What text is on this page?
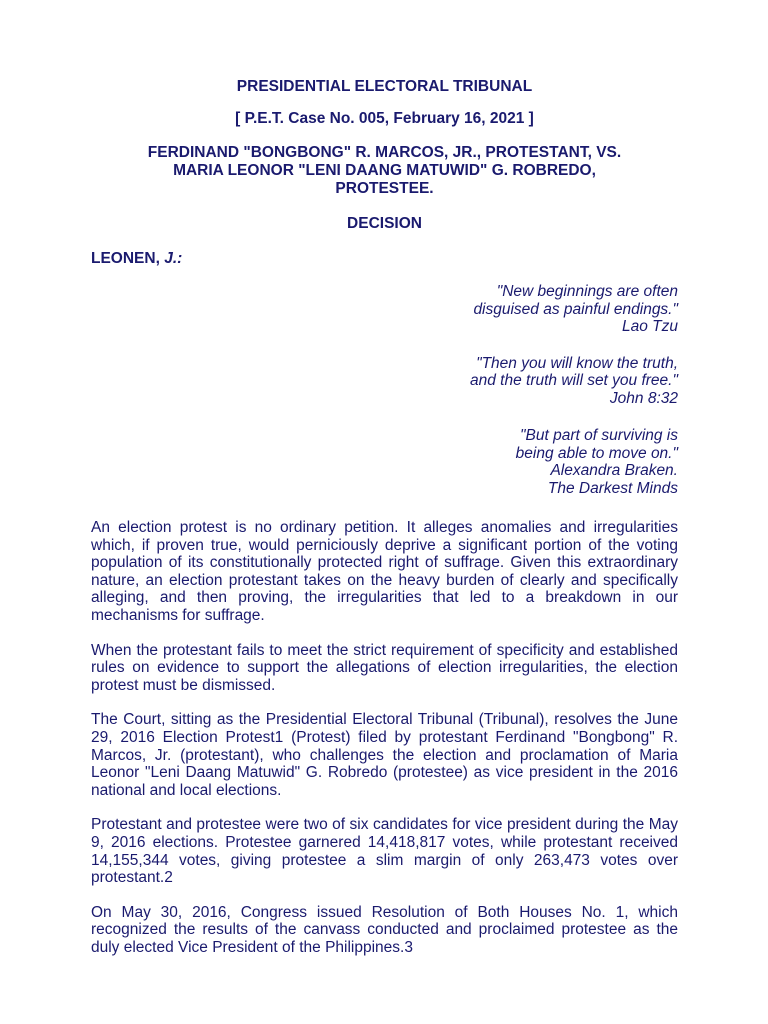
PRESIDENTIAL ELECTORAL TRIBUNAL

[ P.E.T. Case No. 005, February 16, 2021 ]

FERDINAND "BONGBONG" R. MARCOS, JR., PROTESTANT, VS.
MARIA LEONOR "LENI DAANG MATUWID" G. ROBREDO,
PROTESTEE.

DECISION

LEONEN, J.:
"New beginnings are often
disguised as painful endings."
Lao Tzu
"Then you will know the truth,
and the truth will set you free."
John 8:32
"But part of surviving is
being able to move on."
Alexandra Braken.
The Darkest Minds

An election protest is no ordinary petition. It alleges anomalies and irregularities which, if proven true, would perniciously deprive a significant portion of the voting population of its constitutionally protected right of suffrage. Given this extraordinary nature, an election protestant takes on the heavy burden of clearly and specifically alleging, and then proving, the irregularities that led to a breakdown in our mechanisms for suffrage.

When the protestant fails to meet the strict requirement of specificity and established rules on evidence to support the allegations of election irregularities, the election protest must be dismissed.

The Court, sitting as the Presidential Electoral Tribunal (Tribunal), resolves the June 29, 2016 Election Protest1 (Protest) filed by protestant Ferdinand "Bongbong" R. Marcos, Jr. (protestant), who challenges the election and proclamation of Maria Leonor "Leni Daang Matuwid" G. Robredo (protestee) as vice president in the 2016 national and local elections.

Protestant and protestee were two of six candidates for vice president during the May 9, 2016 elections. Protestee garnered 14,418,817 votes, while protestant received 14,155,344 votes, giving protestee a slim margin of only 263,473 votes over protestant.2

On May 30, 2016, Congress issued Resolution of Both Houses No. 1, which recognized the results of the canvass conducted and proclaimed protestee as the duly elected Vice President of the Philippines.3
